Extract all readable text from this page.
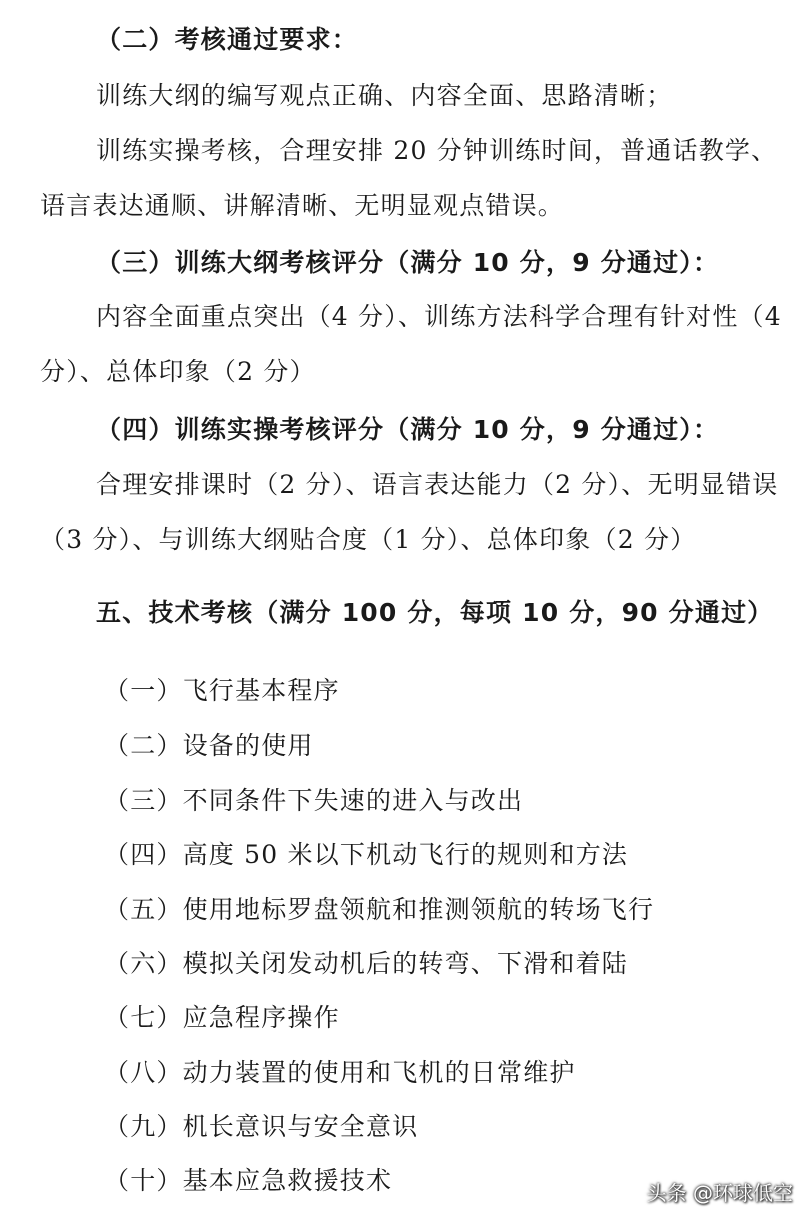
（二）考核通过要求：
训练大纲的编写观点正确、内容全面、思路清晰；
训练实操考核，合理安排 20 分钟训练时间，普通话教学、
语言表达通顺、讲解清晰、无明显观点错误。
（三）训练大纲考核评分（满分 10 分，9 分通过）：
内容全面重点突出（4 分）、训练方法科学合理有针对性（4
分）、总体印象（2 分）
（四）训练实操考核评分（满分 10 分，9 分通过）：
合理安排课时（2 分）、语言表达能力（2 分）、无明显错误
（3 分）、与训练大纲贴合度（1 分）、总体印象（2 分）
五、技术考核（满分 100 分，每项 10 分，90 分通过）
（一）飞行基本程序
（二）设备的使用
（三）不同条件下失速的进入与改出
（四）高度 50 米以下机动飞行的规则和方法
（五）使用地标罗盘领航和推测领航的转场飞行
（六）模拟关闭发动机后的转弯、下滑和着陆
（七）应急程序操作
（八）动力装置的使用和飞机的日常维护
（九）机长意识与安全意识
（十）基本应急救援技术	头条 @环球低空
